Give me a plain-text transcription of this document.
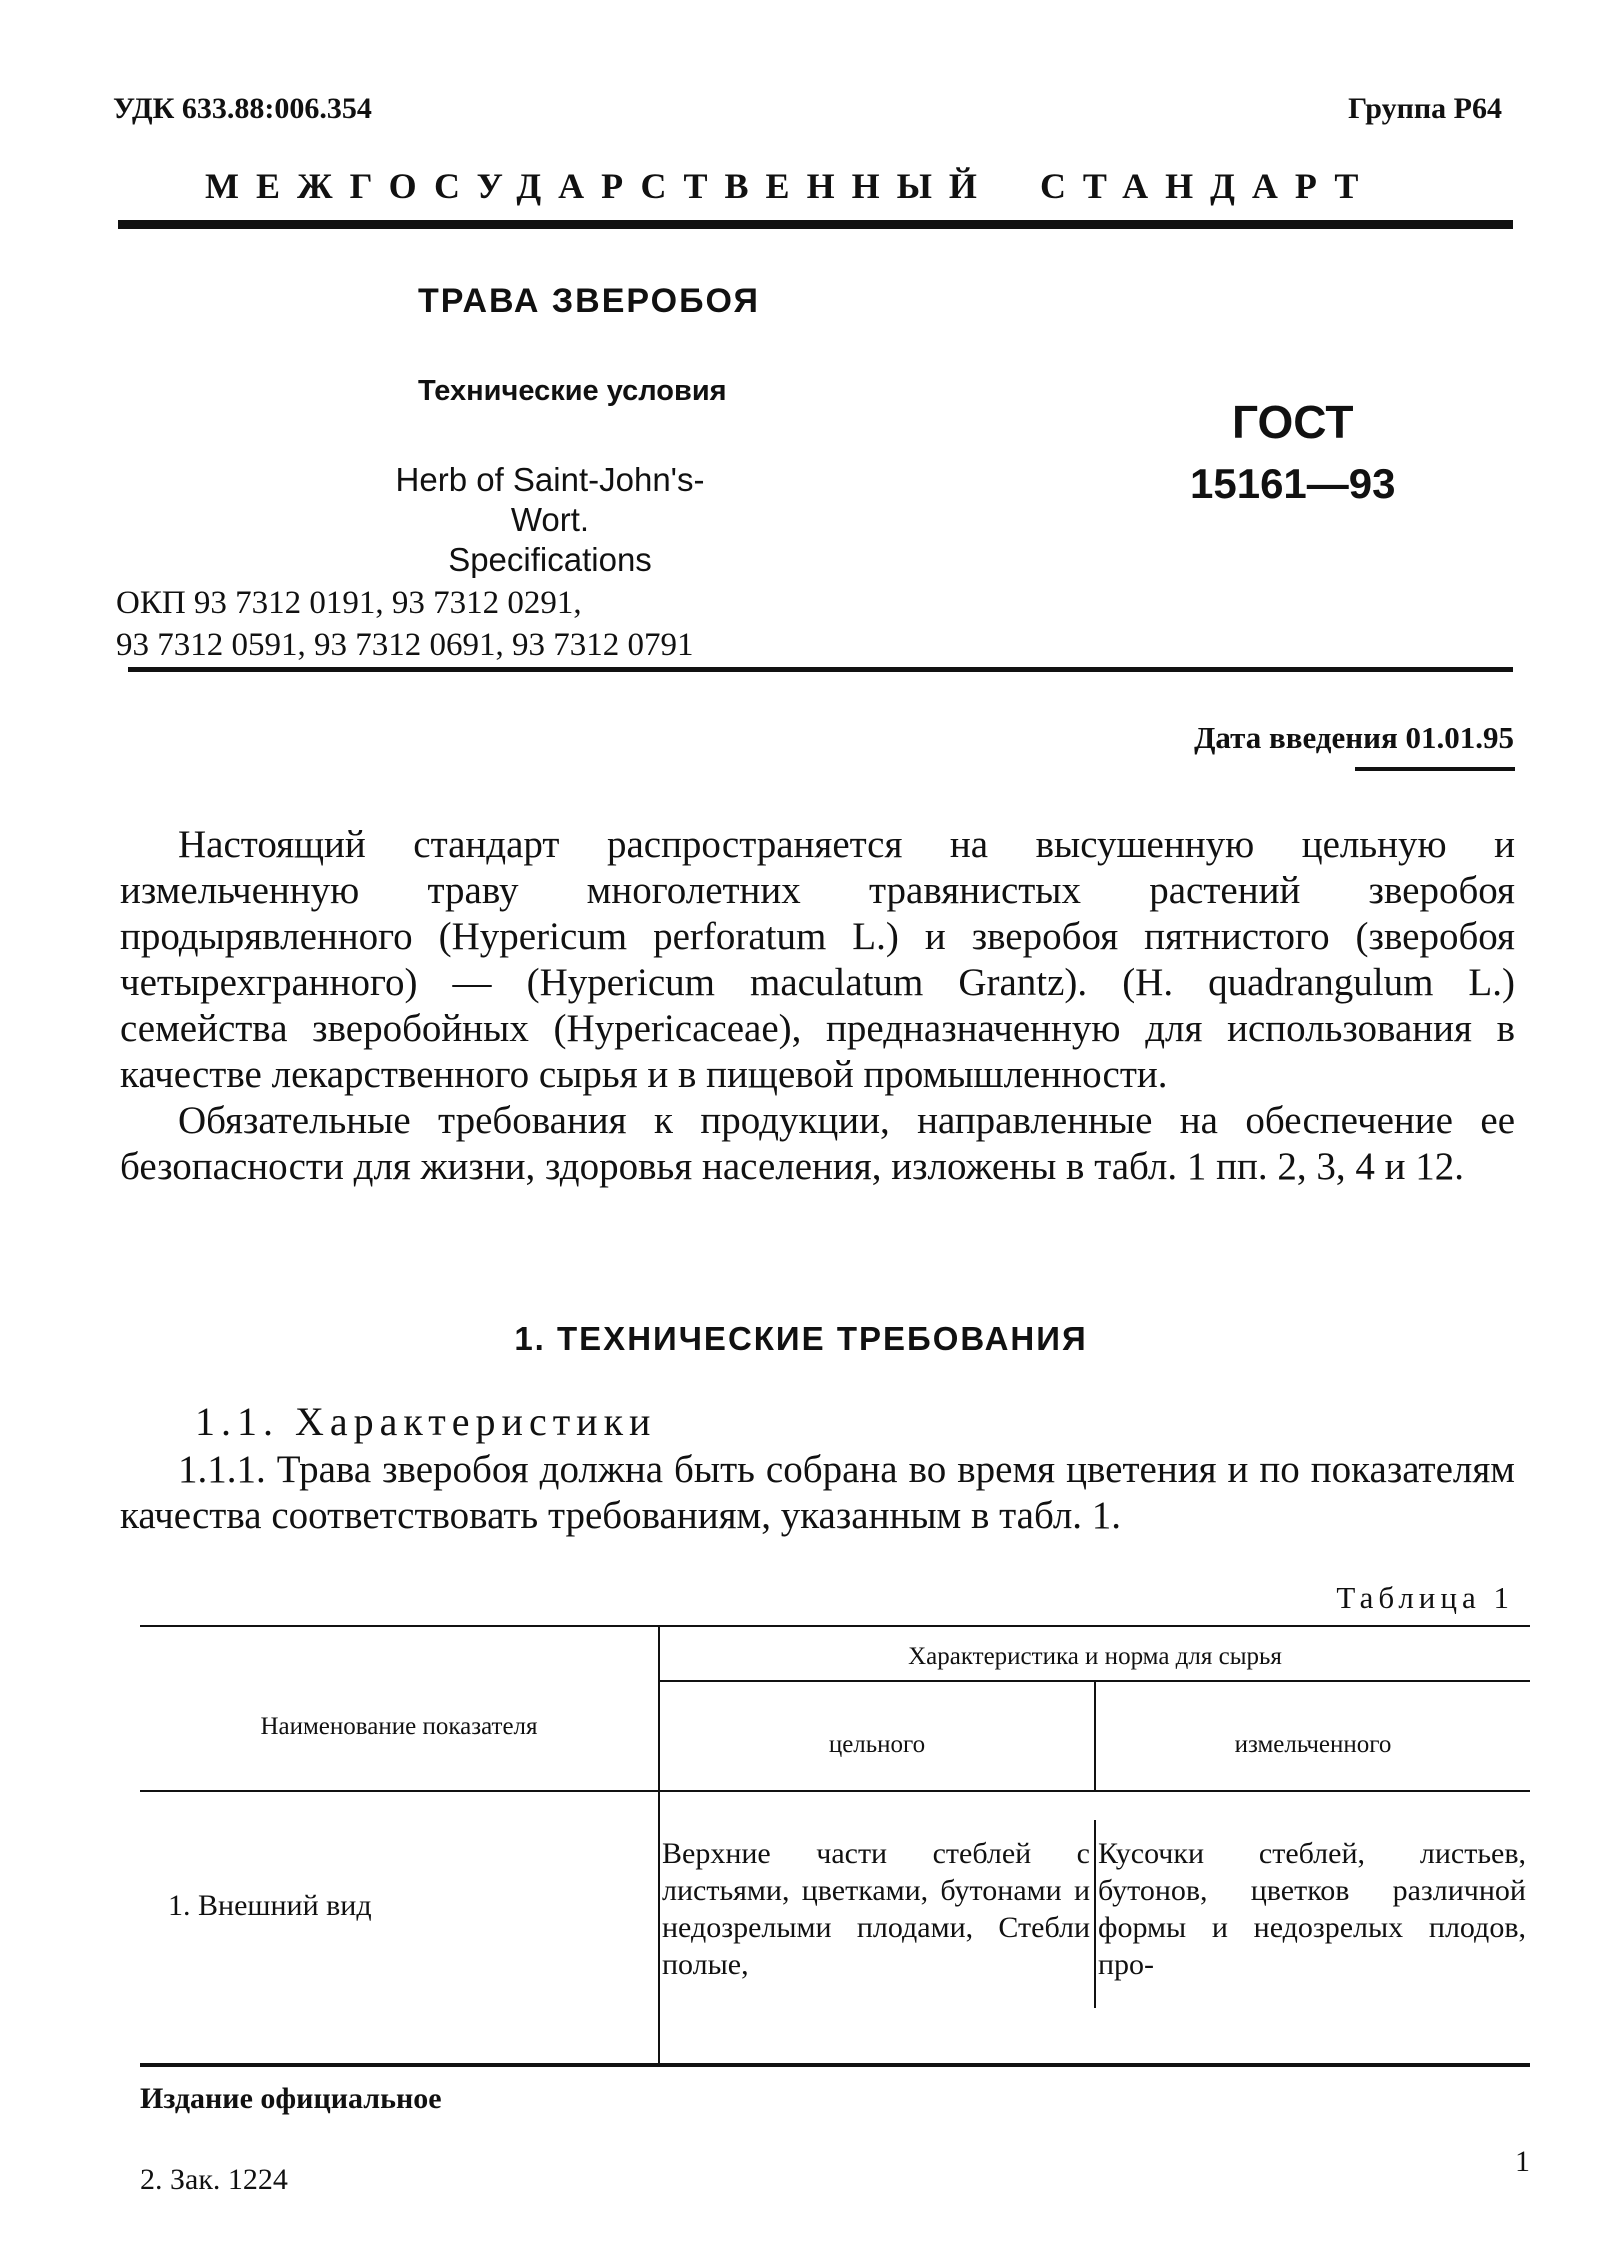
УДК 633.88:006.354	Группа Р64
МЕЖГОСУДАРСТВЕННЫЙ СТАНДАРТ
ТРАВА ЗВЕРОБОЯ
Технические условия
Herb of Saint-John's-Wort.
Specifications
ГОСТ
15161—93
ОКП 93 7312 0191, 93 7312 0291,
93 7312 0591, 93 7312 0691, 93 7312 0791
Дата введения 01.01.95

Настоящий стандарт распространяется на высушенную цельную и измельченную траву многолетних травянистых растений зверобоя продырявленного (Hypericum perforatum L.) и зверобоя пятнистого (зверобоя четырехгранного) — (Hypericum maculatum Grantz). (H. quadrangulum L.) семейства зверобойных (Hypericaceae), предназначенную для использования в качестве лекарственного сырья и в пищевой промышленности.

Обязательные требования к продукции, направленные на обеспечение ее безопасности для жизни, здоровья населения, изложены в табл. 1 пп. 2, 3, 4 и 12.

1. ТЕХНИЧЕСКИЕ ТРЕБОВАНИЯ
1.1. Характеристики

1.1.1. Трава зверобоя должна быть собрана во время цветения и по показателям качества соответствовать требованиям, указанным в табл. 1.

Таблица 1
Наименование показателя
Характеристика и норма для сырья
цельного	измельченного
1. Внешний вид
Верхние части стеблей с листьями, цветками, бутонами и недозрелыми плодами, Стебли полые,
Кусочки стеблей, листьев, бутонов, цветков различной формы и недозрелых плодов, про-
Издание официальное
2. Зак. 1224
1
